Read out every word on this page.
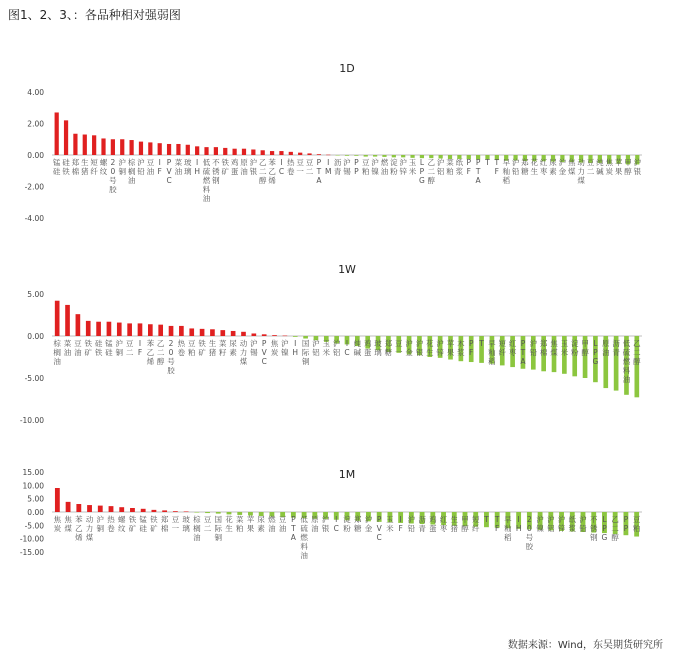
图1、2、3、：各品种相对强弱图
1D
4.00
2.00
0.00
-2.00
-4.00
锰硅
硅铁
郑棉
生猪
短纤
螺纹
2 0 号胶
沪铜
棕榈油
沪铅
豆油
I F
P V C
菜油
玻璃
I H
低硫燃料油
不锈钢
铁矿
鸡蛋
原油
沪银
乙二醇
苯乙烯
I C
热卷
豆一
豆二
P T A
I M
沥青
沪锡
P P
豆粕
沪镍
燃油
淀粉
沪锌
玉米
L P G
乙二醇
沪铝
菜粕
纸浆
P F
P T A
T T F
早籼稻
沪铅
郑糖
花生
红枣
尿素
沪金
焦煤
动力煤
豆二
纯碱
焦炭
苹果
甲醇
沪银
1W
5.00
0.00
-5.00
-10.00
棕榈油
菜油
豆油
铁矿
硅铁
锰硅
沪铜
豆二
I F
苯乙烯
乙二醇
2 0 号胶
热卷
豆粕
铁矿
生猪
菜籽
尿素
动力煤
沪锡
P V C
焦炭
沪镍
I H
国际铜
沪铝
玉米
沪铝
I C
纯碱
鸡蛋
玻璃
郑糖
豆一
沪金
沪银
花生
沪锌
苹果
木浆
P F
T 早籼稻
短纤
红枣
P T A
沪铅
郑棉
焦煤
玉米
淀粉
甲醇
L P G
原油
沥青
低硫燃料油
乙二醇
1M
15.00
10.00
5.00
0.00
-5.00
-10.00
-15.00
焦炭
焦煤
苯乙烯
动力煤
沪铜
热卷
螺纹
铁矿
锰硅
铁矿
郑棉
豆一
玻璃
棕榈油
豆二
国际铜
花生
菜粕
苹果
尿素
燃油
豆油
P T A
低硫燃料油
原油
沪银
I C
淀粉
郑糖
沪金
P V C
玉米
I F
沪铅
沥青
鸡蛋
红枣
生猪
甲醇
短纤
T T F
早籼稻
I H
2 0 号胶
沪镍
沪铝
沪锌
纸浆
沪铅
不锈钢
L P G
乙二醇
P P
豆粕
数据来源：Wind，东吴期货研究所
